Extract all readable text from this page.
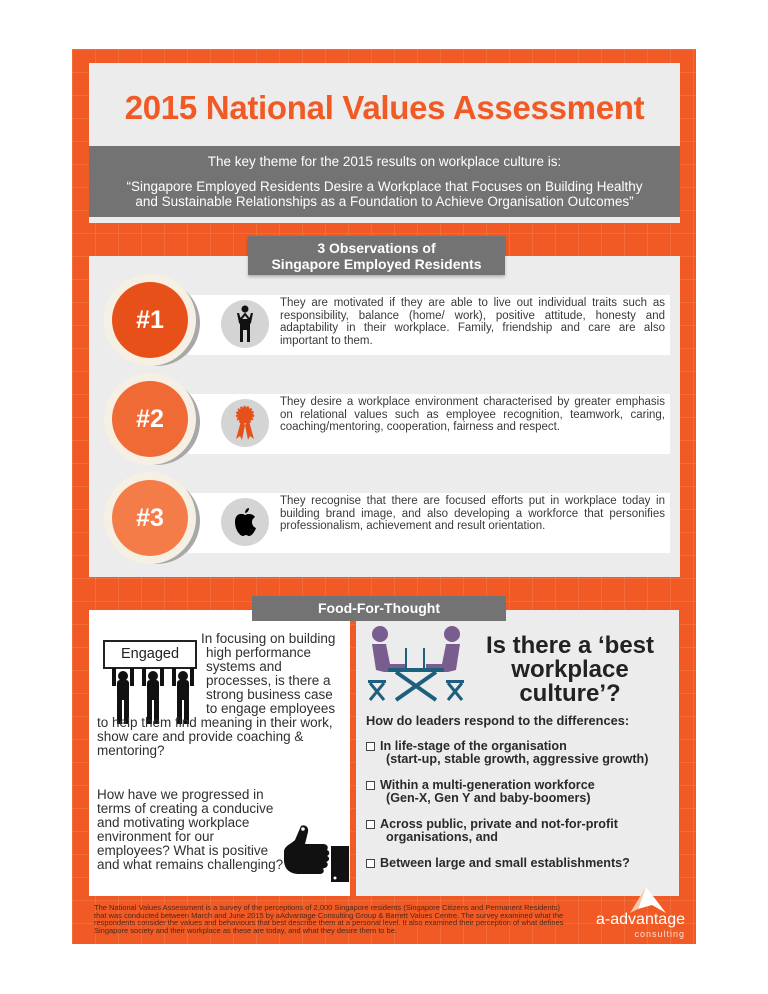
2015 National Values Assessment
The key theme for the 2015 results on workplace culture is:
“Singapore Employed Residents Desire a Workplace that Focuses on Building Healthy and Sustainable Relationships as a Foundation to Achieve Organisation Outcomes”
3 Observations of
Singapore Employed Residents
#1
They are motivated if they are able to live out individual traits such as responsibility, balance (home/ work), positive attitude, honesty and adaptability in their workplace. Family, friendship and care are also important to them.
#2
They desire a workplace environment characterised by greater emphasis on relational values such as employee recognition, teamwork, caring, coaching/mentoring, cooperation, fairness and respect.
#3
They recognise that there are focused efforts put in workplace today in building brand image, and also developing a workforce that personifies professionalism, achievement and result orientation.
Food-For-Thought
Engaged
In focusing on building
high performance
systems and
processes, is there a
strong business case
to engage employees
to help them find meaning in their work, show care and provide coaching & mentoring?
How have we progressed in terms of creating a conducive and motivating workplace environment for our employees? What is positive and what remains challenging?
Is there a ‘best
workplace
culture’?
How do leaders respond to the differences:
In life-stage of the organisation
(start-up, stable growth, aggressive growth)
Within a multi-generation workforce
(Gen-X, Gen Y and baby-boomers)
Across public, private and not-for-profit
organisations, and
Between large and small establishments?
The National Values Assessment is a survey of the perceptions of 2,000 Singapore residents (Singapore Citizens and Permanent Residents) that was conducted between March and June 2015 by aAdvantage Consulting Group & Barrett Values Centre. The survey examined what the respondents consider the values and behaviours that best describe them at a personal level. It also examined their perception of what defines Singapore society and their workplace as these are today, and what they desire them to be.
a-advantage
consulting
